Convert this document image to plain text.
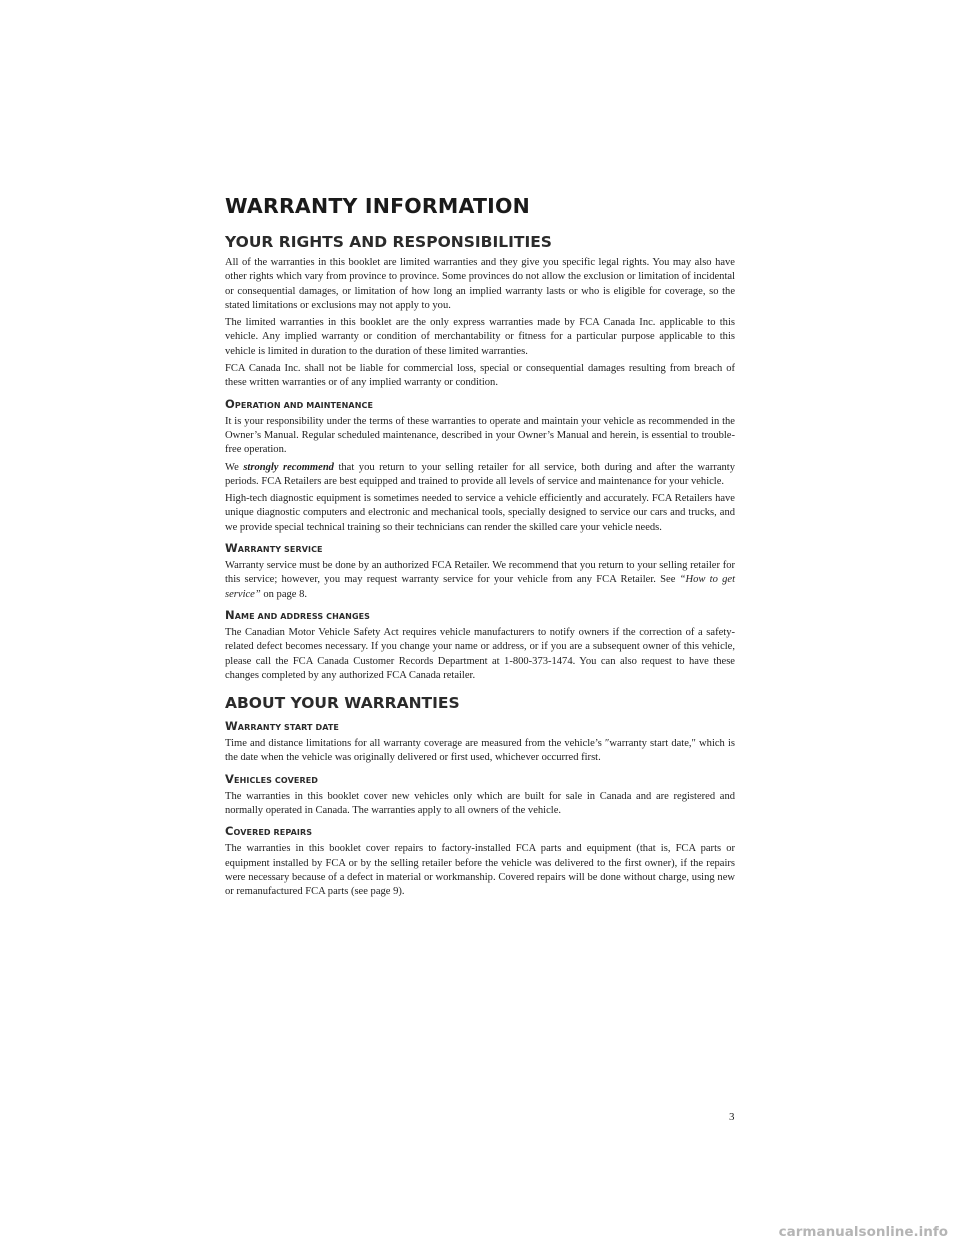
WARRANTY INFORMATION
YOUR RIGHTS AND RESPONSIBILITIES

All of the warranties in this booklet are limited warranties and they give you specific legal rights. You may also have other rights which vary from province to province. Some provinces do not allow the exclusion or limitation of incidental or consequential damages, or limitation of how long an implied warranty lasts or who is eligible for coverage, so the stated limitations or exclusions may not apply to you.

The limited warranties in this booklet are the only express warranties made by FCA Canada Inc. applicable to this vehicle. Any implied warranty or condition of merchantability or fitness for a particular purpose applicable to this vehicle is limited in duration to the duration of these limited warranties.

FCA Canada Inc. shall not be liable for commercial loss, special or consequential damages resulting from breach of these written warranties or of any implied warranty or condition.

OPERATION AND MAINTENANCE

It is your responsibility under the terms of these warranties to operate and maintain your vehicle as recommended in the Owner’s Manual. Regular scheduled maintenance, described in your Owner’s Manual and herein, is essential to trouble-free operation.

We strongly recommend that you return to your selling retailer for all service, both during and after the warranty periods. FCA Retailers are best equipped and trained to provide all levels of service and maintenance for your vehicle.

High-tech diagnostic equipment is sometimes needed to service a vehicle efficiently and accurately. FCA Retailers have unique diagnostic computers and electronic and mechanical tools, specially designed to service our cars and trucks, and we provide special technical training so their technicians can render the skilled care your vehicle needs.

WARRANTY SERVICE

Warranty service must be done by an authorized FCA Retailer. We recommend that you return to your selling retailer for this service; however, you may request warranty service for your vehicle from any FCA Retailer. See “How to get service” on page 8.

NAME AND ADDRESS CHANGES

The Canadian Motor Vehicle Safety Act requires vehicle manufacturers to notify owners if the correction of a safety-related defect becomes necessary. If you change your name or address, or if you are a subsequent owner of this vehicle, please call the FCA Canada Customer Records Department at 1-800-373-1474. You can also request to have these changes completed by any authorized FCA Canada retailer.

ABOUT YOUR WARRANTIES
WARRANTY START DATE

Time and distance limitations for all warranty coverage are measured from the vehicle’s ″warranty start date,″ which is the date when the vehicle was originally delivered or first used, whichever occurred first.

VEHICLES COVERED

The warranties in this booklet cover new vehicles only which are built for sale in Canada and are registered and normally operated in Canada. The warranties apply to all owners of the vehicle.

COVERED REPAIRS

The warranties in this booklet cover repairs to factory-installed FCA parts and equipment (that is, FCA parts or equipment installed by FCA or by the selling retailer before the vehicle was delivered to the first owner), if the repairs were necessary because of a defect in material or workmanship. Covered repairs will be done without charge, using new or remanufactured FCA parts (see page 9).

3
carmanualsonline.info
